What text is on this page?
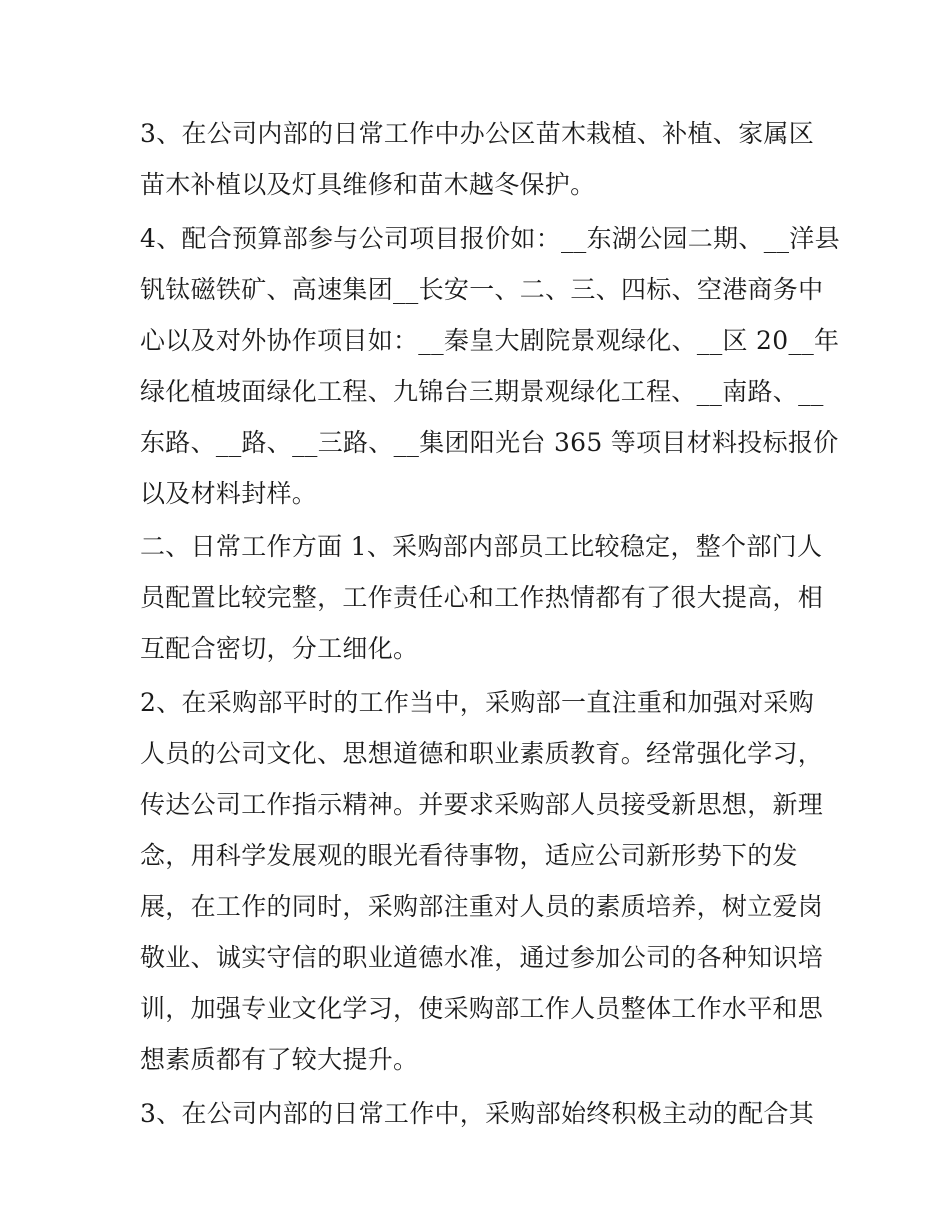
3、在公司内部的日常工作中办公区苗木栽植、补植、家属区
苗木补植以及灯具维修和苗木越冬保护。
4、配合预算部参与公司项目报价如：__东湖公园二期、__洋县
钒钛磁铁矿、高速集团__长安一、二、三、四标、空港商务中
心以及对外协作项目如：__秦皇大剧院景观绿化、__区 20__年
绿化植坡面绿化工程、九锦台三期景观绿化工程、__南路、__
东路、__路、__三路、__集团阳光台 365 等项目材料投标报价
以及材料封样。
二、日常工作方面 1、采购部内部员工比较稳定，整个部门人
员配置比较完整，工作责任心和工作热情都有了很大提高，相
互配合密切，分工细化。
2、在采购部平时的工作当中，采购部一直注重和加强对采购
人员的公司文化、思想道德和职业素质教育。经常强化学习，
传达公司工作指示精神。并要求采购部人员接受新思想，新理
念，用科学发展观的眼光看待事物，适应公司新形势下的发
展，在工作的同时，采购部注重对人员的素质培养，树立爱岗
敬业、诚实守信的职业道德水准，通过参加公司的各种知识培
训，加强专业文化学习，使采购部工作人员整体工作水平和思
想素质都有了较大提升。
3、在公司内部的日常工作中，采购部始终积极主动的配合其
